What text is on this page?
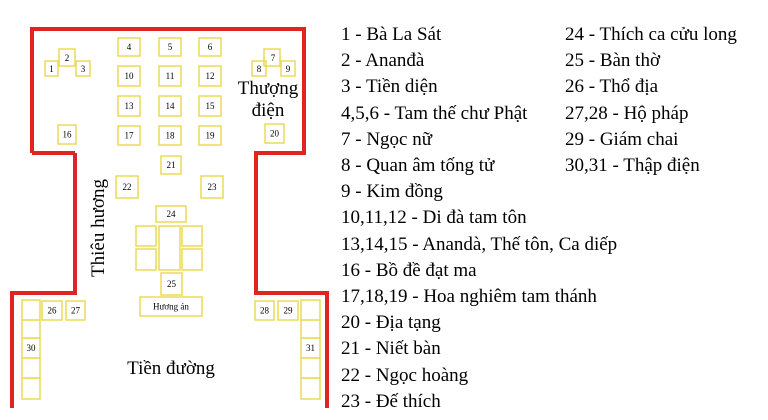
1
2
3
4	5	6
7
8	9
10	11	12
13	14	15
16	17	18	19	20
21
22	23
24
25
26 27	28 29
30	31
Hương án
Thượng
điện
Tiền đường
Thiêu hương
1 - Bà La Sát
2 - Ananđà
3 - Tiền diện
4,5,6 - Tam thế chư Phật
7 - Ngọc nữ
8 - Quan âm tống tử
9 - Kim đồng
10,11,12 - Di đà tam tôn
13,14,15 - Anandà, Thế tôn, Ca diếp
16 - Bồ đề đạt ma
17,18,19 - Hoa nghiêm tam thánh
20 - Địa tạng
21 - Niết bàn
22 - Ngọc hoàng
23 - Đế thích
24 - Thích ca cửu long
25 - Bàn thờ
26 - Thổ địa
27,28 - Hộ pháp
29 - Giám chai
30,31 - Thập điện
